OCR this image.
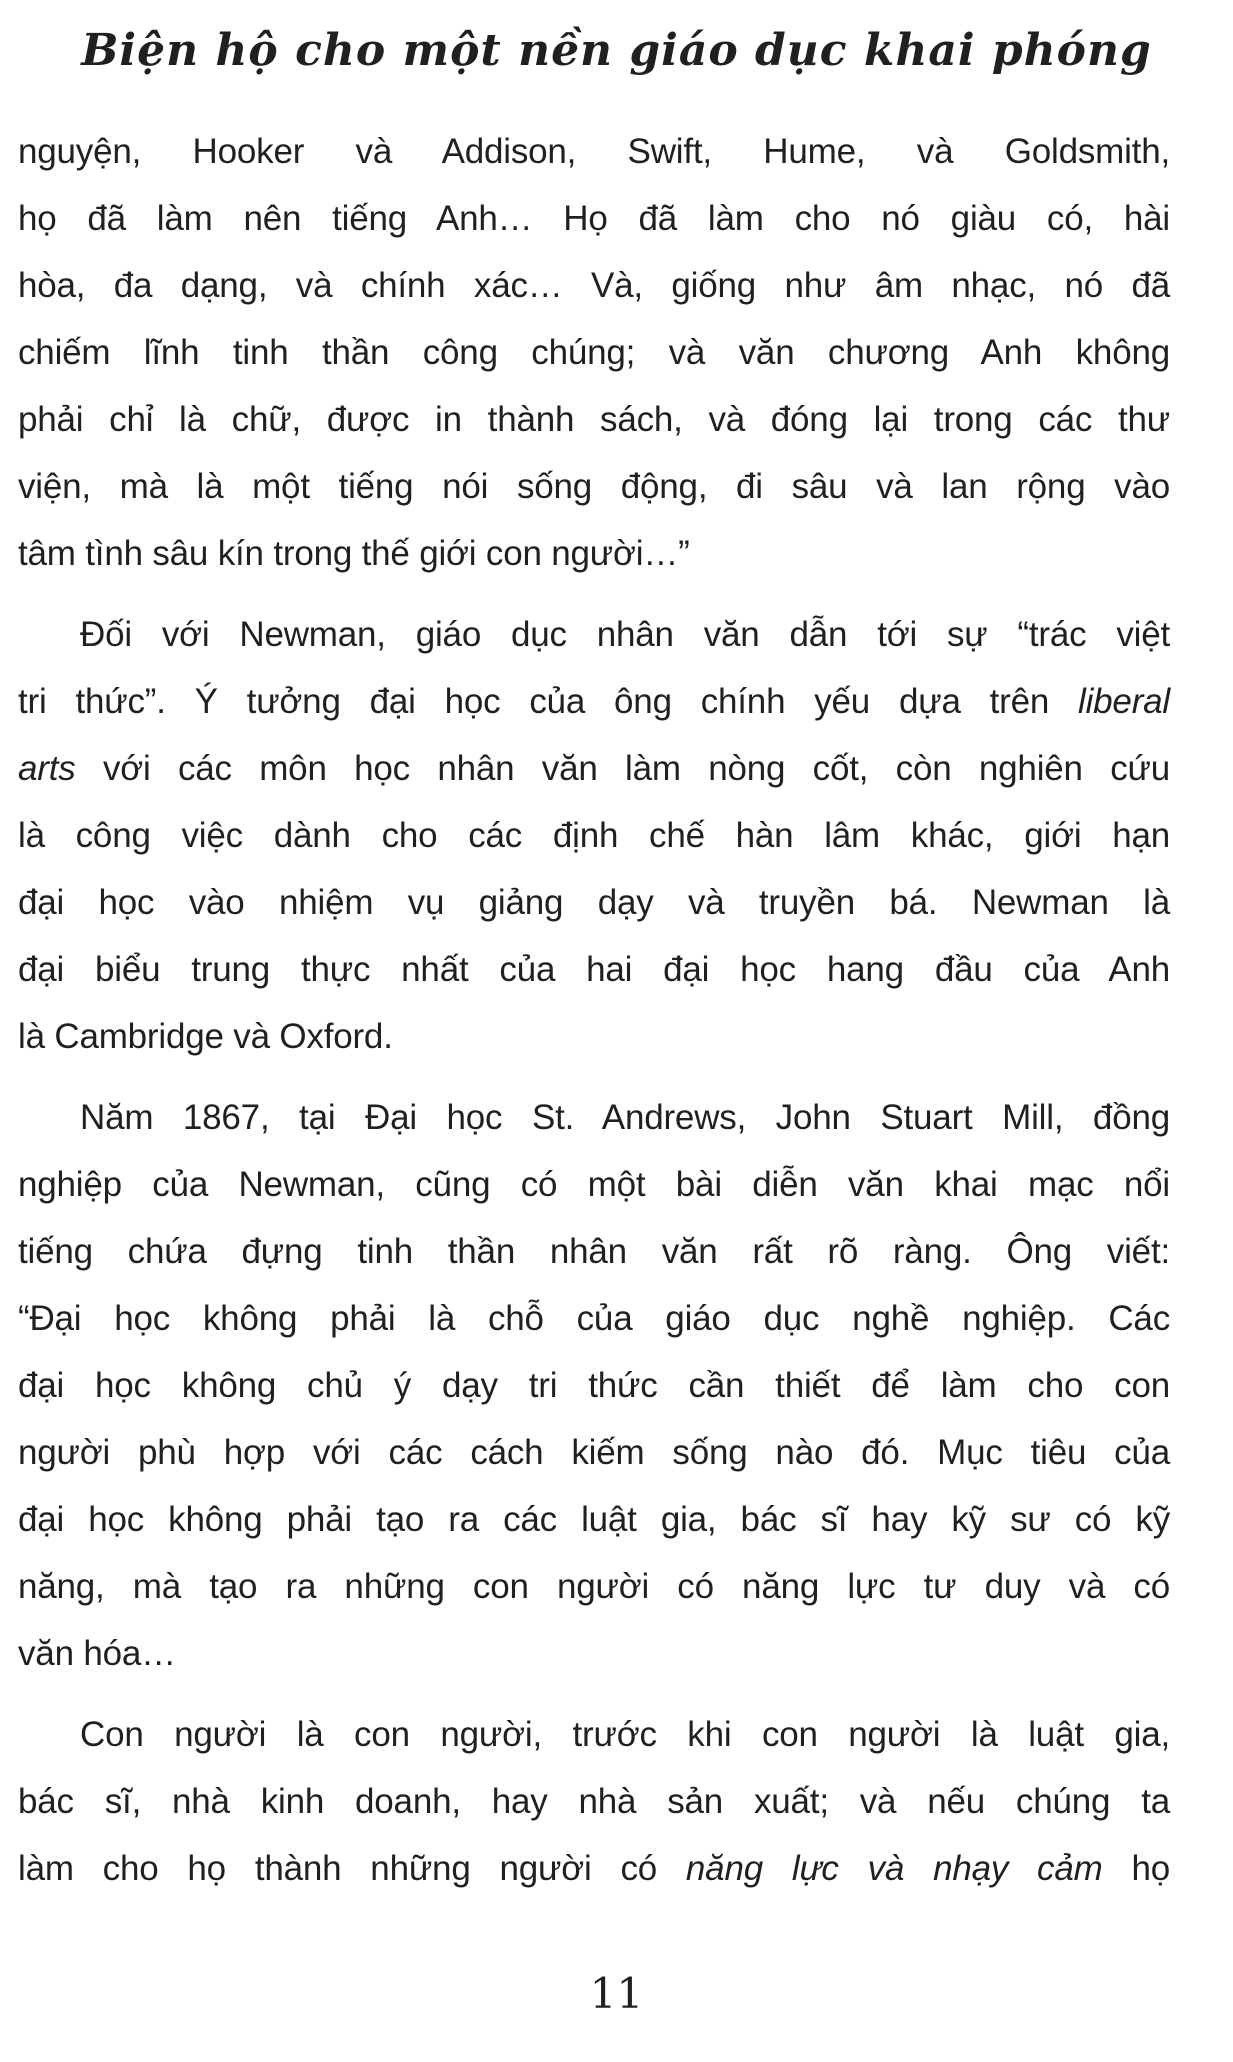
Biện hộ cho một nền giáo dục khai phóng
nguyện, Hooker và Addison, Swift, Hume, và Goldsmith,
họ đã làm nên tiếng Anh… Họ đã làm cho nó giàu có, hài
hòa, đa dạng, và chính xác… Và, giống như âm nhạc, nó đã
chiếm lĩnh tinh thần công chúng; và văn chương Anh không
phải chỉ là chữ, được in thành sách, và đóng lại trong các thư
viện, mà là một tiếng nói sống động, đi sâu và lan rộng vào
tâm tình sâu kín trong thế giới con người…”
Đối với Newman, giáo dục nhân văn dẫn tới sự “trác việt
tri thức”. Ý tưởng đại học của ông chính yếu dựa trên liberal
arts với các môn học nhân văn làm nòng cốt, còn nghiên cứu
là công việc dành cho các định chế hàn lâm khác, giới hạn
đại học vào nhiệm vụ giảng dạy và truyền bá. Newman là
đại biểu trung thực nhất của hai đại học hang đầu của Anh
là Cambridge và Oxford.
Năm 1867, tại Đại học St. Andrews, John Stuart Mill, đồng
nghiệp của Newman, cũng có một bài diễn văn khai mạc nổi
tiếng chứa đựng tinh thần nhân văn rất rõ ràng. Ông viết:
“Đại học không phải là chỗ của giáo dục nghề nghiệp. Các
đại học không chủ ý dạy tri thức cần thiết để làm cho con
người phù hợp với các cách kiếm sống nào đó. Mục tiêu của
đại học không phải tạo ra các luật gia, bác sĩ hay kỹ sư có kỹ
năng, mà tạo ra những con người có năng lực tư duy và có
văn hóa…
Con người là con người, trước khi con người là luật gia,
bác sĩ, nhà kinh doanh, hay nhà sản xuất; và nếu chúng ta
làm cho họ thành những người có năng lực và nhạy cảm họ
11
